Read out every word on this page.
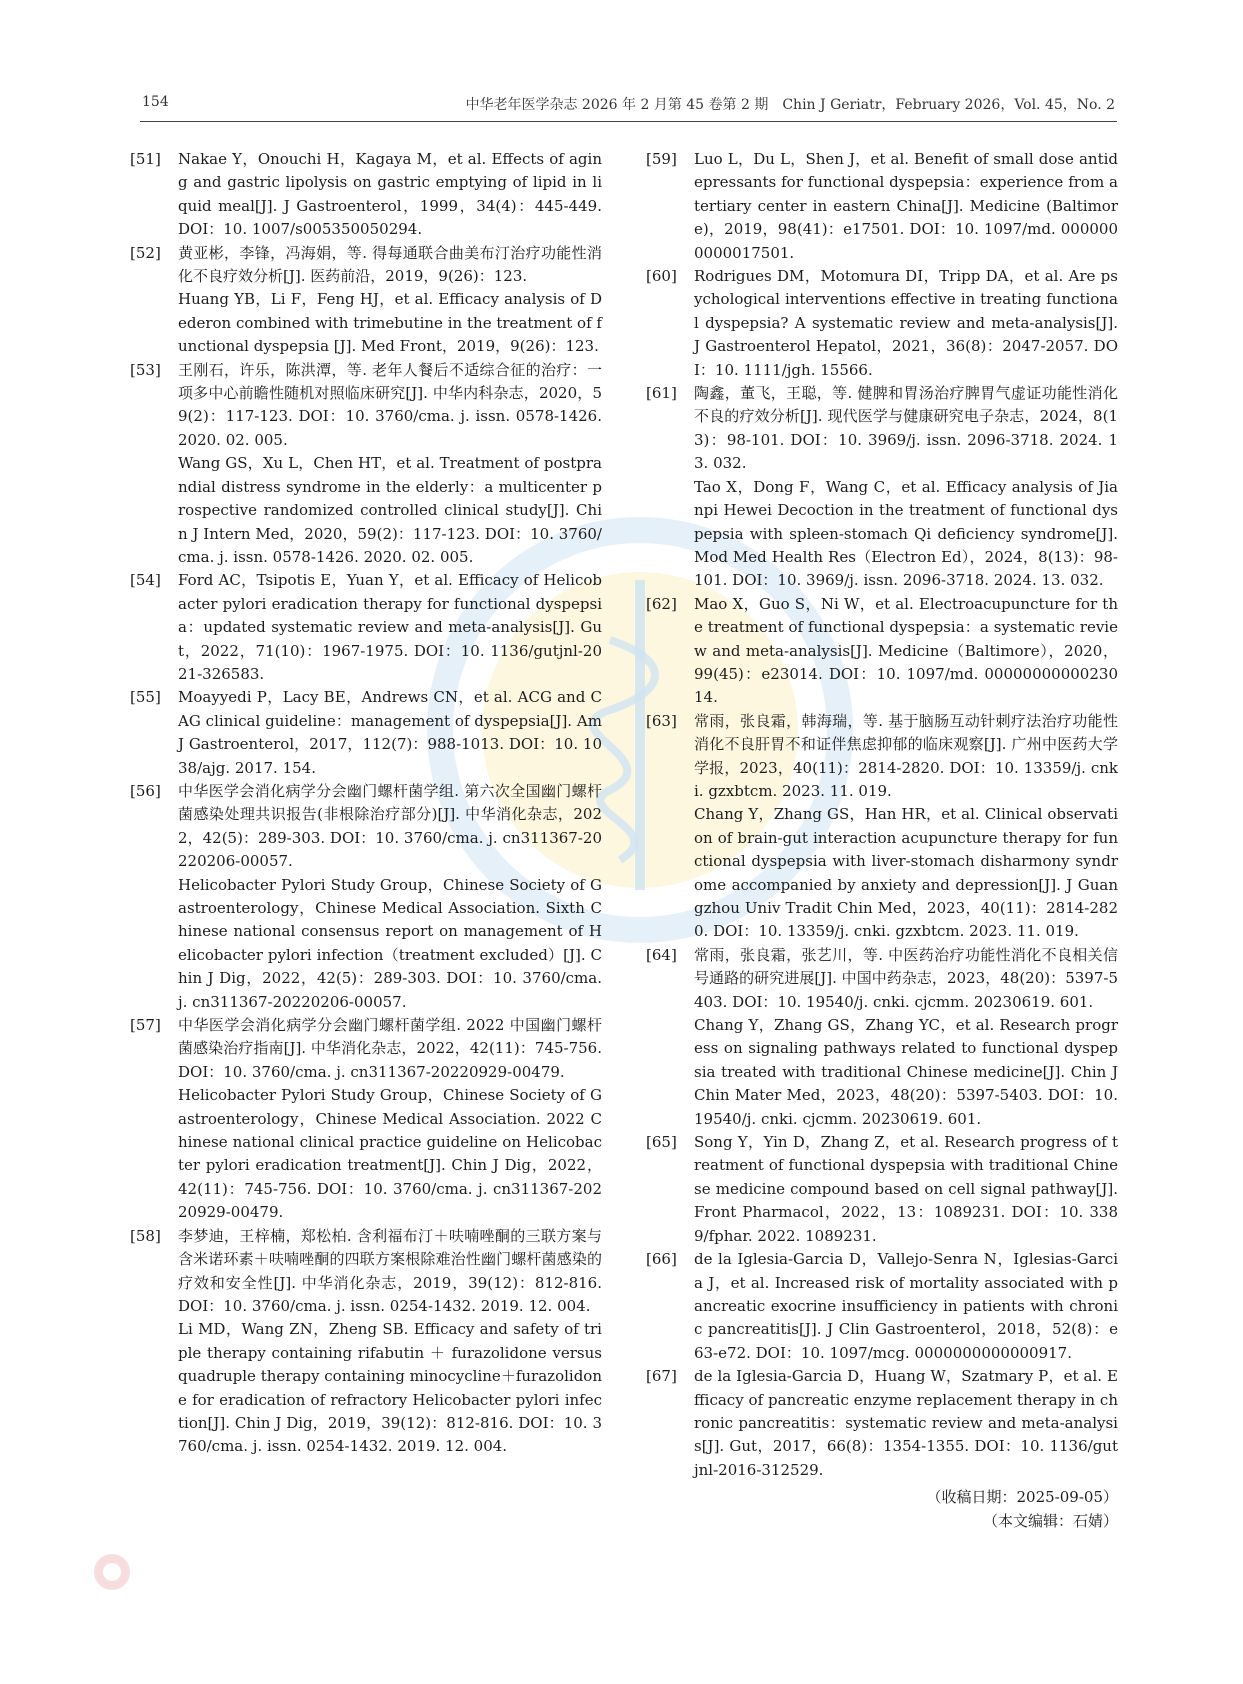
154	中华老年医学杂志 2026 年 2 月第 45 卷第 2 期　Chin J Geriatr，February 2026，Vol. 45，No. 2
[51] Nakae Y，Onouchi H，Kagaya M，et al. Effects of aging and gastric lipolysis on gastric emptying of lipid in liquid meal[J]. J Gastroenterol，1999，34(4)：445-449. DOI：10. 1007/s005350050294.
[52] 黄亚彬，李锋，冯海娟，等. 得每通联合曲美布汀治疗功能性消化不良疗效分析[J]. 医药前沿，2019，9(26)：123.
Huang YB，Li F，Feng HJ，et al. Efficacy analysis of Dederon combined with trimebutine in the treatment of functional dyspepsia [J]. Med Front，2019，9(26)：123.
[53] 王刚石，许乐，陈洪潭，等. 老年人餐后不适综合征的治疗：一项多中心前瞻性随机对照临床研究[J]. 中华内科杂志，2020，59(2)：117-123. DOI：10. 3760/cma. j. issn. 0578-1426. 2020. 02. 005.
Wang GS，Xu L，Chen HT，et al. Treatment of postprandial distress syndrome in the elderly：a multicenter prospective randomized controlled clinical study[J]. Chin J Intern Med，2020，59(2)：117-123. DOI：10. 3760/cma. j. issn. 0578-1426. 2020. 02. 005.
[54] Ford AC，Tsipotis E，Yuan Y，et al. Efficacy of Helicobacter pylori eradication therapy for functional dyspepsia：updated systematic review and meta-analysis[J]. Gut，2022，71(10)：1967-1975. DOI：10. 1136/gutjnl-2021-326583.
[55] Moayyedi P，Lacy BE，Andrews CN，et al. ACG and CAG clinical guideline：management of dyspepsia[J]. Am J Gastroenterol，2017，112(7)：988-1013. DOI：10. 1038/ajg. 2017. 154.
[56] 中华医学会消化病学分会幽门螺杆菌学组. 第六次全国幽门螺杆菌感染处理共识报告(非根除治疗部分)[J]. 中华消化杂志，2022，42(5)：289-303. DOI：10. 3760/cma. j. cn311367-20220206-00057.
Helicobacter Pylori Study Group，Chinese Society of Gastroenterology，Chinese Medical Association. Sixth Chinese national consensus report on management of Helicobacter pylori infection（treatment excluded）[J]. Chin J Dig，2022，42(5)：289-303. DOI：10. 3760/cma. j. cn311367-20220206-00057.
[57] 中华医学会消化病学分会幽门螺杆菌学组. 2022 中国幽门螺杆菌感染治疗指南[J]. 中华消化杂志，2022，42(11)：745-756. DOI：10. 3760/cma. j. cn311367-20220929-00479.
Helicobacter Pylori Study Group，Chinese Society of Gastroenterology，Chinese Medical Association. 2022 Chinese national clinical practice guideline on Helicobacter pylori eradication treatment[J]. Chin J Dig，2022，42(11)：745-756. DOI：10. 3760/cma. j. cn311367-20220929-00479.
[58] 李梦迪，王梓楠，郑松柏. 含利福布汀＋呋喃唑酮的三联方案与含米诺环素＋呋喃唑酮的四联方案根除难治性幽门螺杆菌感染的疗效和安全性[J]. 中华消化杂志，2019，39(12)：812-816. DOI：10. 3760/cma. j. issn. 0254-1432. 2019. 12. 004.
Li MD，Wang ZN，Zheng SB. Efficacy and safety of triple therapy containing rifabutin ＋ furazolidone versus quadruple therapy containing minocycline＋furazolidone for eradication of refractory Helicobacter pylori infection[J]. Chin J Dig，2019，39(12)：812-816. DOI：10. 3760/cma. j. issn. 0254-1432. 2019. 12. 004.
[59] Luo L，Du L，Shen J，et al. Benefit of small dose antidepressants for functional dyspepsia：experience from a tertiary center in eastern China[J]. Medicine (Baltimore)，2019，98(41)：e17501. DOI：10. 1097/md. 0000000000017501.
[60] Rodrigues DM，Motomura DI，Tripp DA，et al. Are psychological interventions effective in treating functional dyspepsia? A systematic review and meta-analysis[J]. J Gastroenterol Hepatol，2021，36(8)：2047-2057. DOI：10. 1111/jgh. 15566.
[61] 陶鑫，董飞，王聪，等. 健脾和胃汤治疗脾胃气虚证功能性消化不良的疗效分析[J]. 现代医学与健康研究电子杂志，2024，8(13)：98-101. DOI：10. 3969/j. issn. 2096-3718. 2024. 13. 032.
Tao X，Dong F，Wang C，et al. Efficacy analysis of Jianpi Hewei Decoction in the treatment of functional dyspepsia with spleen-stomach Qi deficiency syndrome[J]. Mod Med Health Res（Electron Ed），2024，8(13)：98-101. DOI：10. 3969/j. issn. 2096-3718. 2024. 13. 032.
[62] Mao X，Guo S，Ni W，et al. Electroacupuncture for the treatment of functional dyspepsia：a systematic review and meta-analysis[J]. Medicine（Baltimore），2020，99(45)：e23014. DOI：10. 1097/md. 0000000000023014.
[63] 常雨，张良霜，韩海瑞，等. 基于脑肠互动针刺疗法治疗功能性消化不良肝胃不和证伴焦虑抑郁的临床观察[J]. 广州中医药大学学报，2023，40(11)：2814-2820. DOI：10. 13359/j. cnki. gzxbtcm. 2023. 11. 019.
Chang Y，Zhang GS，Han HR，et al. Clinical observation of brain-gut interaction acupuncture therapy for functional dyspepsia with liver-stomach disharmony syndrome accompanied by anxiety and depression[J]. J Guangzhou Univ Tradit Chin Med，2023，40(11)：2814-2820. DOI：10. 13359/j. cnki. gzxbtcm. 2023. 11. 019.
[64] 常雨，张良霜，张艺川，等. 中医药治疗功能性消化不良相关信号通路的研究进展[J]. 中国中药杂志，2023，48(20)：5397-5403. DOI：10. 19540/j. cnki. cjcmm. 20230619. 601.
Chang Y，Zhang GS，Zhang YC，et al. Research progress on signaling pathways related to functional dyspepsia treated with traditional Chinese medicine[J]. Chin J Chin Mater Med，2023，48(20)：5397-5403. DOI：10. 19540/j. cnki. cjcmm. 20230619. 601.
[65] Song Y，Yin D，Zhang Z，et al. Research progress of treatment of functional dyspepsia with traditional Chinese medicine compound based on cell signal pathway[J]. Front Pharmacol，2022，13：1089231. DOI：10. 3389/fphar. 2022. 1089231.
[66] de la Iglesia-Garcia D，Vallejo-Senra N，Iglesias-Garcia J，et al. Increased risk of mortality associated with pancreatic exocrine insufficiency in patients with chronic pancreatitis[J]. J Clin Gastroenterol，2018，52(8)：e63-e72. DOI：10. 1097/mcg. 0000000000000917.
[67] de la Iglesia-Garcia D，Huang W，Szatmary P，et al. Efficacy of pancreatic enzyme replacement therapy in chronic pancreatitis：systematic review and meta-analysis[J]. Gut，2017，66(8)：1354-1355. DOI：10. 1136/gutjnl-2016-312529.
（收稿日期：2025-09-05）
（本文编辑：石婧）
